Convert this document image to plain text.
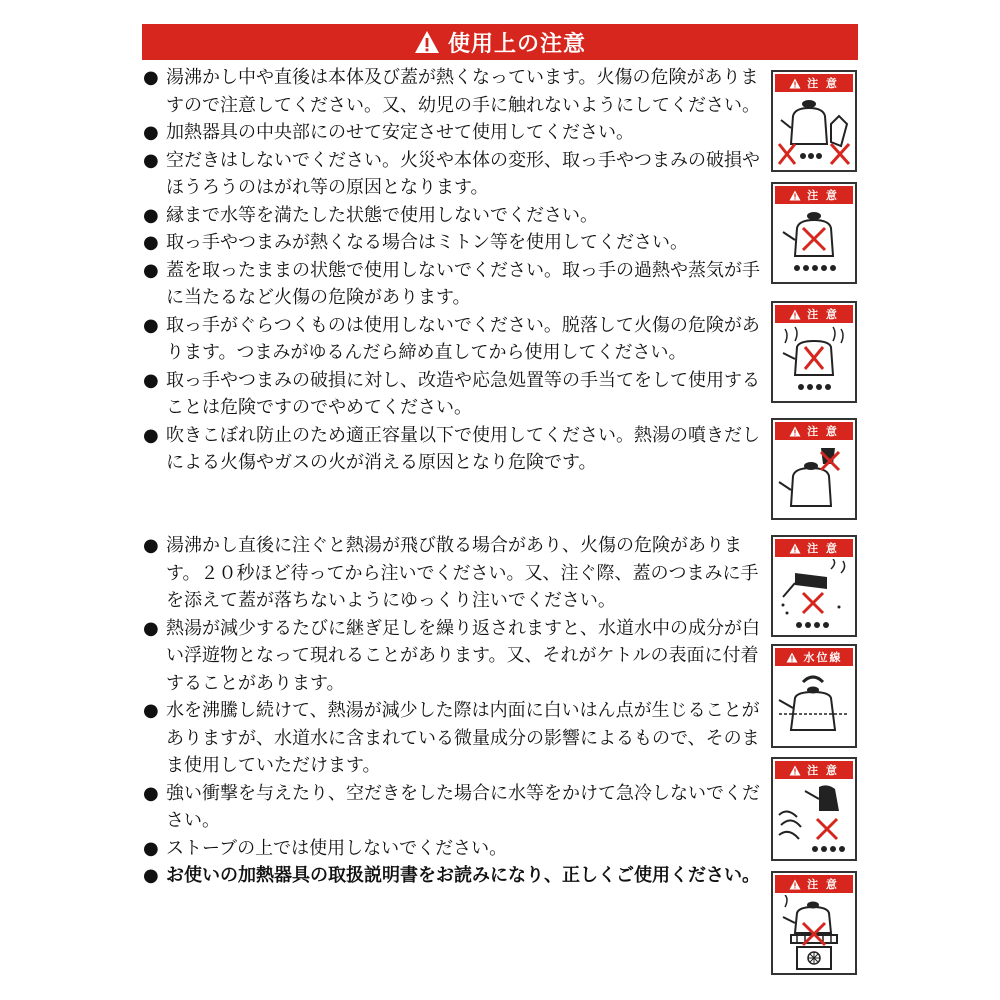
使用上の注意
● 湯沸かし中や直後は本体及び蓋が熱くなっています。火傷の危険がありますので注意してください。又、幼児の手に触れないようにしてください。
● 加熱器具の中央部にのせて安定させて使用してください。
● 空だきはしないでください。火災や本体の変形、取っ手やつまみの破損やほうろうのはがれ等の原因となります。
● 縁まで水等を満たした状態で使用しないでください。
● 取っ手やつまみが熱くなる場合はミトン等を使用してください。
● 蓋を取ったままの状態で使用しないでください。取っ手の過熱や蒸気が手に当たるなど火傷の危険があります。
● 取っ手がぐらつくものは使用しないでください。脱落して火傷の危険があります。つまみがゆるんだら締め直してから使用してください。
● 取っ手やつまみの破損に対し、改造や応急処置等の手当てをして使用することは危険ですのでやめてください。
● 吹きこぼれ防止のため適正容量以下で使用してください。熱湯の噴きだしによる火傷やガスの火が消える原因となり危険です。
● 湯沸かし直後に注ぐと熱湯が飛び散る場合があり、火傷の危険があります。２０秒ほど待ってから注いでください。又、注ぐ際、蓋のつまみに手を添えて蓋が落ちないようにゆっくり注いでください。
● 熱湯が減少するたびに継ぎ足しを繰り返されますと、水道水中の成分が白い浮遊物となって現れることがあります。又、それがケトルの表面に付着することがあります。
● 水を沸騰し続けて、熱湯が減少した際は内面に白いはん点が生じることがありますが、水道水に含まれている微量成分の影響によるもので、そのまま使用していただけます。
● 強い衝撃を与えたり、空だきをした場合に水等をかけて急冷しないでください。
● ストーブの上では使用しないでください。
● お使いの加熱器具の取扱説明書をお読みになり、正しくご使用ください。
注 意
注 意
注 意
注 意
注 意
水位線
注 意
注 意
